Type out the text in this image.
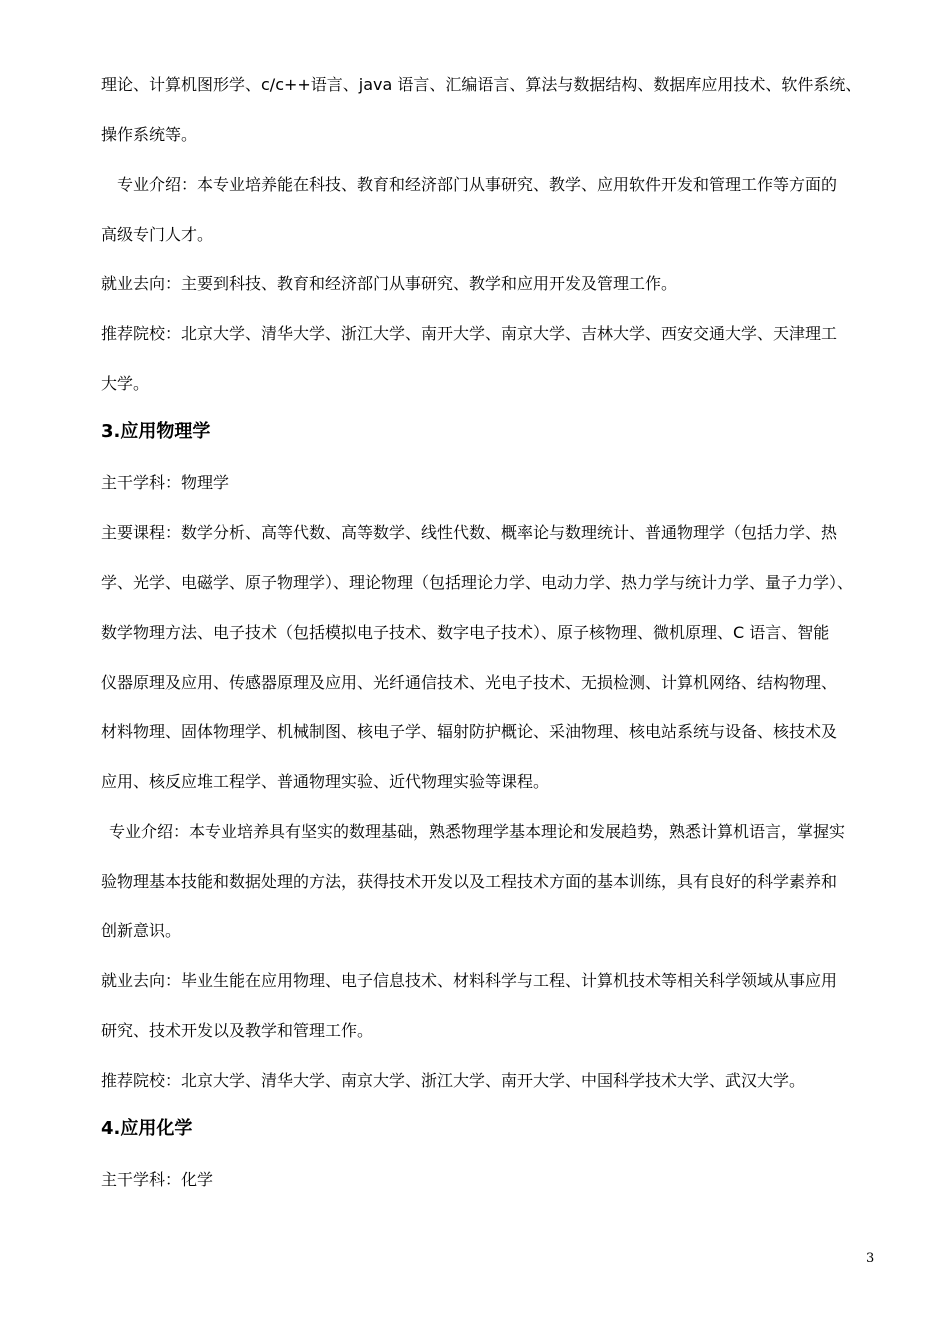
理论、计算机图形学、c/c++语言、java 语言、汇编语言、算法与数据结构、数据库应用技术、软件系统、
操作系统等。
专业介绍：本专业培养能在科技、教育和经济部门从事研究、教学、应用软件开发和管理工作等方面的
高级专门人才。
就业去向：主要到科技、教育和经济部门从事研究、教学和应用开发及管理工作。
推荐院校：北京大学、清华大学、浙江大学、南开大学、南京大学、吉林大学、西安交通大学、天津理工
大学。
3.应用物理学
主干学科：物理学
主要课程：数学分析、高等代数、高等数学、线性代数、概率论与数理统计、普通物理学（包括力学、热
学、光学、电磁学、原子物理学）、理论物理（包括理论力学、电动力学、热力学与统计力学、量子力学）、
数学物理方法、电子技术（包括模拟电子技术、数字电子技术）、原子核物理、微机原理、C 语言、智能
仪器原理及应用、传感器原理及应用、光纤通信技术、光电子技术、无损检测、计算机网络、结构物理、
材料物理、固体物理学、机械制图、核电子学、辐射防护概论、采油物理、核电站系统与设备、核技术及
应用、核反应堆工程学、普通物理实验、近代物理实验等课程。
专业介绍：本专业培养具有坚实的数理基础，熟悉物理学基本理论和发展趋势，熟悉计算机语言，掌握实
验物理基本技能和数据处理的方法，获得技术开发以及工程技术方面的基本训练，具有良好的科学素养和
创新意识。
就业去向：毕业生能在应用物理、电子信息技术、材料科学与工程、计算机技术等相关科学领域从事应用
研究、技术开发以及教学和管理工作。
推荐院校：北京大学、清华大学、南京大学、浙江大学、南开大学、中国科学技术大学、武汉大学。
4.应用化学
主干学科：化学
3
